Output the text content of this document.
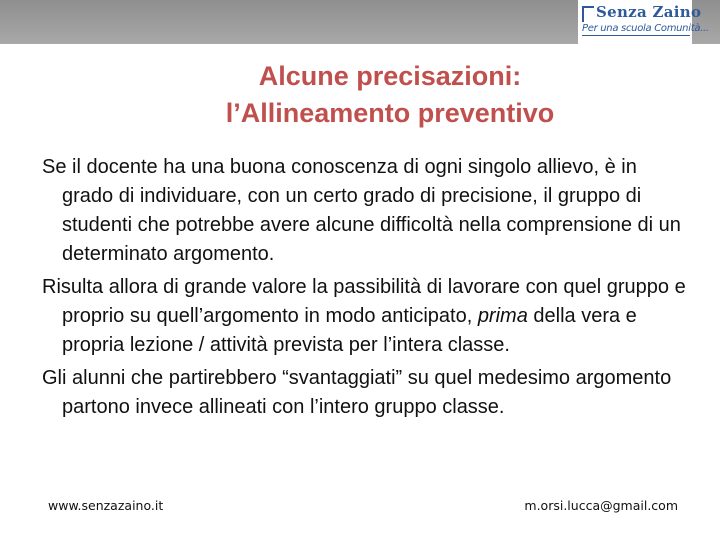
Senza Zaino
Per una scuola Comunità...
Alcune precisazioni:
l’Allineamento preventivo

Se il docente ha una buona conoscenza di ogni singolo allievo, è in grado di individuare, con un certo grado di precisione, il gruppo di studenti che potrebbe avere alcune difficoltà nella comprensione di un determinato argomento.

Risulta allora di grande valore la passibilità di lavorare con quel gruppo e proprio su quell’argomento in modo anticipato, prima della vera e propria lezione / attività prevista per l’intera classe.

Gli alunni che partirebbero “svantaggiati” su quel medesimo argomento partono invece allineati con l’intero gruppo classe.

www.senzazaino.it	m.orsi.lucca@gmail.com
